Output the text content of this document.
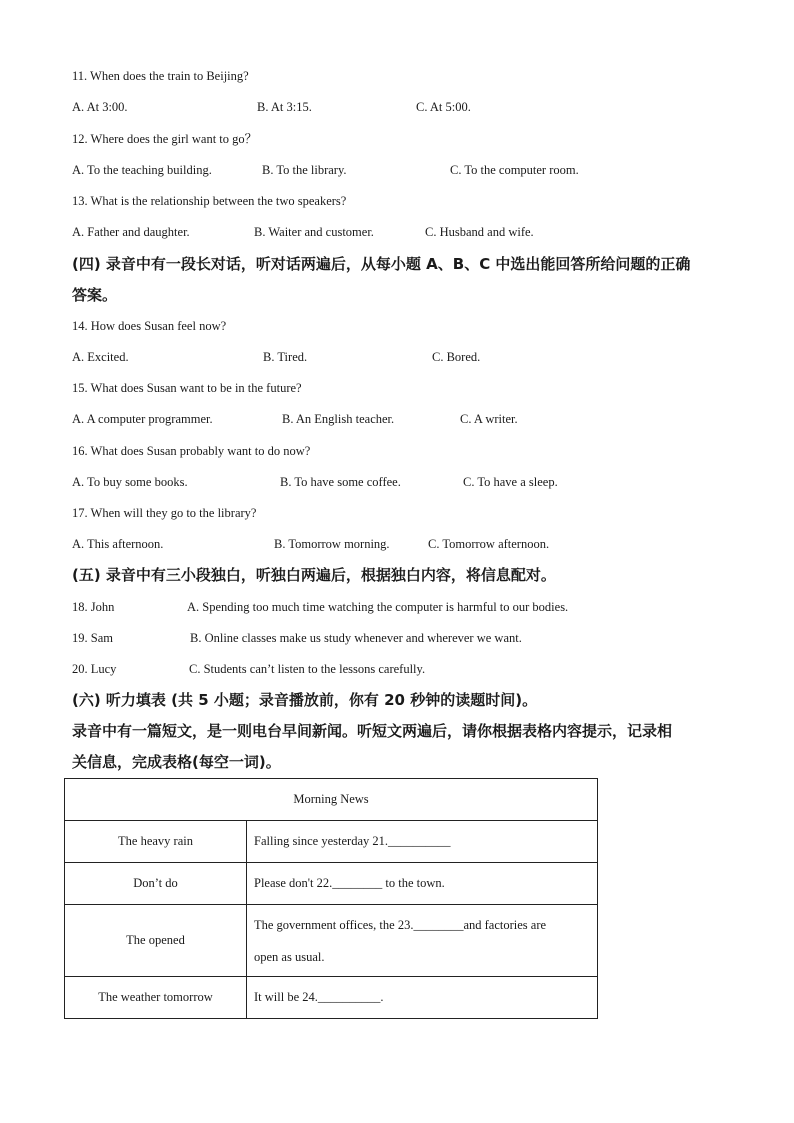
11. When does the train to Beijing?
A. At 3:00.	B. At 3:15.	C. At 5:00.
12. Where does the girl want to go？
A. To the teaching building.	B. To the library.	C. To the computer room.
13. What is the relationship between the two speakers?
A. Father and daughter.	B. Waiter and customer.	C. Husband and wife.
(四) 录音中有一段长对话，听对话两遍后，从每小题 A、B、C 中选出能回答所给问题的正确
答案。
14. How does Susan feel now?
A. Excited.	B. Tired.	C. Bored.
15. What does Susan want to be in the future?
A. A computer programmer.	B. An English teacher.	C. A writer.
16. What does Susan probably want to do now?
A. To buy some books.	B. To have some coffee.	C. To have a sleep.
17. When will they go to the library?
A. This afternoon.	B. Tomorrow morning.	C. Tomorrow afternoon.
(五) 录音中有三小段独白，听独白两遍后，根据独白内容，将信息配对。
18. John	A. Spending too much time watching the computer is harmful to our bodies.
19. Sam	B. Online classes make us study whenever and wherever we want.
20. Lucy	C. Students can’t listen to the lessons carefully.
(六) 听力填表 (共 5 小题；录音播放前，你有 20 秒钟的读题时间)。
录音中有一篇短文，是一则电台早间新闻。听短文两遍后，请你根据表格内容提示，记录相
关信息，完成表格(每空一词)。
Morning News	
The heavy rain	Falling since yesterday 21.__________
Don’t do	Please don't 22.________ to the town.
The opened	The government offices, the 23.________and factories are
open as usual.

The weather tomorrow	It will be 24.__________.
